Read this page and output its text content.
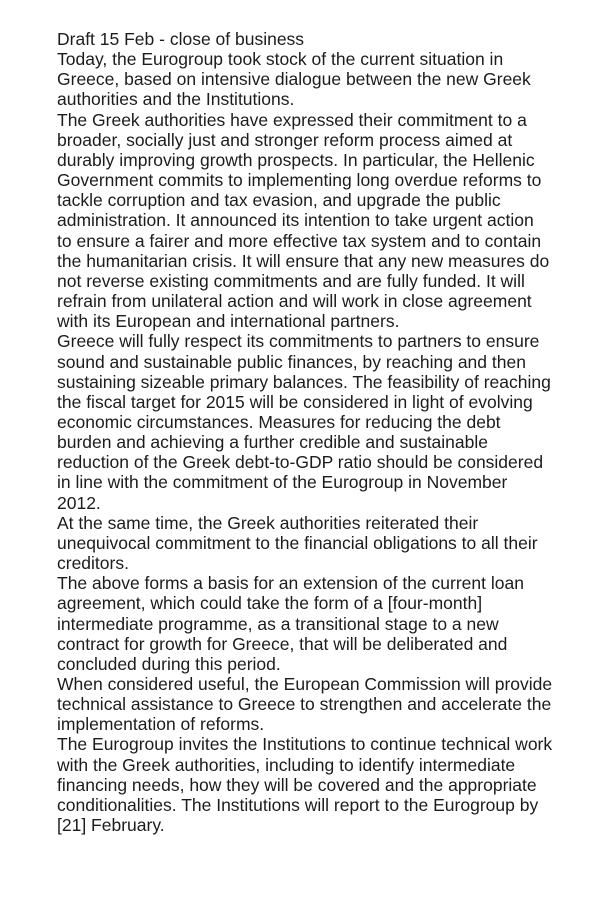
Draft 15 Feb - close of business

Today, the Eurogroup took stock of the current situation in
Greece, based on intensive dialogue between the new Greek
authorities and the Institutions.

The Greek authorities have expressed their commitment to a
broader, socially just and stronger reform process aimed at
durably improving growth prospects. In particular, the Hellenic
Government commits to implementing long overdue reforms to
tackle corruption and tax evasion, and upgrade the public
administration. It announced its intention to take urgent action
to ensure a fairer and more effective tax system and to contain
the humanitarian crisis. It will ensure that any new measures do
not reverse existing commitments and are fully funded. It will
refrain from unilateral action and will work in close agreement
with its European and international partners.

Greece will fully respect its commitments to partners to ensure
sound and sustainable public finances, by reaching and then
sustaining sizeable primary balances. The feasibility of reaching
the fiscal target for 2015 will be considered in light of evolving
economic circumstances. Measures for reducing the debt
burden and achieving a further credible and sustainable
reduction of the Greek debt-to-GDP ratio should be considered
in line with the commitment of the Eurogroup in November
2012.

At the same time, the Greek authorities reiterated their
unequivocal commitment to the financial obligations to all their
creditors.

The above forms a basis for an extension of the current loan
agreement, which could take the form of a [four-month]
intermediate programme, as a transitional stage to a new
contract for growth for Greece, that will be deliberated and
concluded during this period.

When considered useful, the European Commission will provide
technical assistance to Greece to strengthen and accelerate the
implementation of reforms.

The Eurogroup invites the Institutions to continue technical work
with the Greek authorities, including to identify intermediate
financing needs, how they will be covered and the appropriate
conditionalities. The Institutions will report to the Eurogroup by
[21] February.
